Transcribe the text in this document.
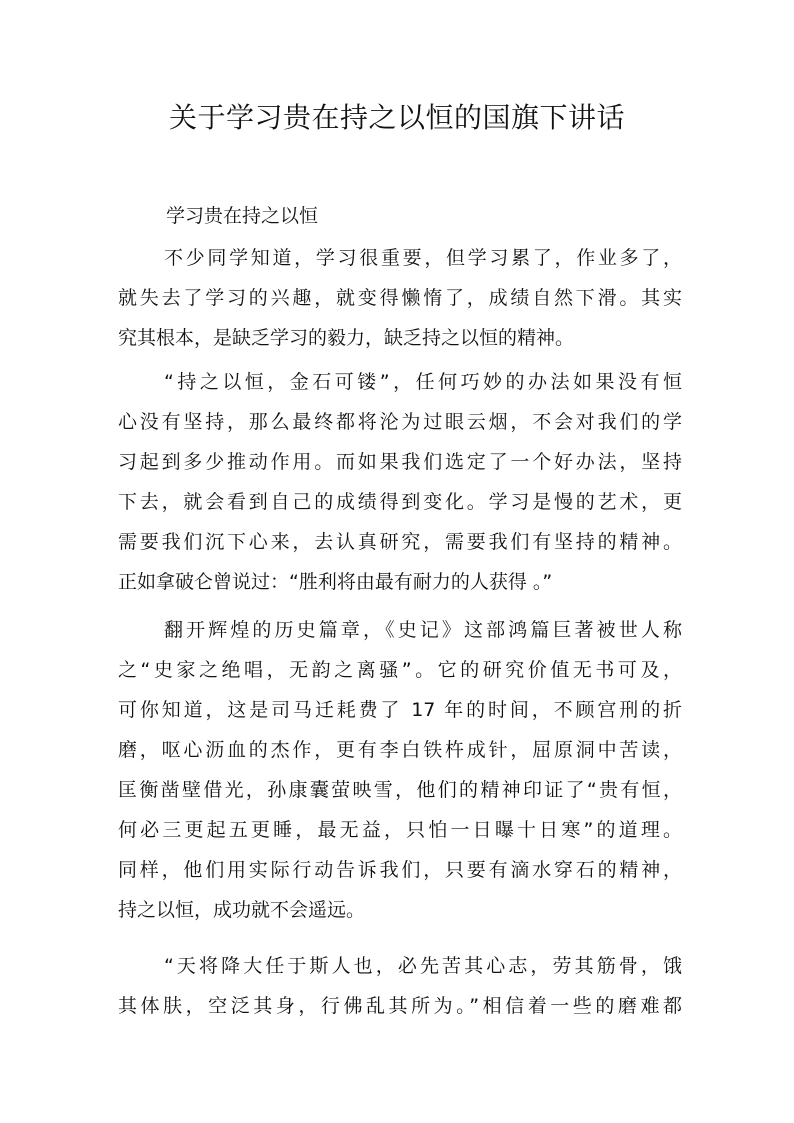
关于学习贵在持之以恒的国旗下讲话
学习贵在持之以恒
不少同学知道，学习很重要，但学习累了，作业多了，
就失去了学习的兴趣，就变得懒惰了，成绩自然下滑。其实
究其根本，是缺乏学习的毅力，缺乏持之以恒的精神。
“持之以恒，金石可镂”，任何巧妙的办法如果没有恒
心没有坚持，那么最终都将沦为过眼云烟，不会对我们的学
习起到多少推动作用。而如果我们选定了一个好办法，坚持
下去，就会看到自己的成绩得到变化。学习是慢的艺术，更
需要我们沉下心来，去认真研究，需要我们有坚持的精神。
正如拿破仑曾说过：“胜利将由最有耐力的人获得 。”
翻开辉煌的历史篇章，《史记》这部鸿篇巨著被世人称
之“史家之绝唱，无韵之离骚”。它的研究价值无书可及，
可你知道，这是司马迁耗费了 17 年的时间，不顾宫刑的折
磨，呕心沥血的杰作，更有李白铁杵成针，屈原洞中苦读，
匡衡凿壁借光，孙康囊萤映雪，他们的精神印证了“贵有恒，
何必三更起五更睡，最无益，只怕一日曝十日寒”的道理。
同样，他们用实际行动告诉我们，只要有滴水穿石的精神，
持之以恒，成功就不会遥远。
“天将降大任于斯人也，必先苦其心志，劳其筋骨，饿
其体肤，空泛其身，行佛乱其所为。”相信着一些的磨难都
